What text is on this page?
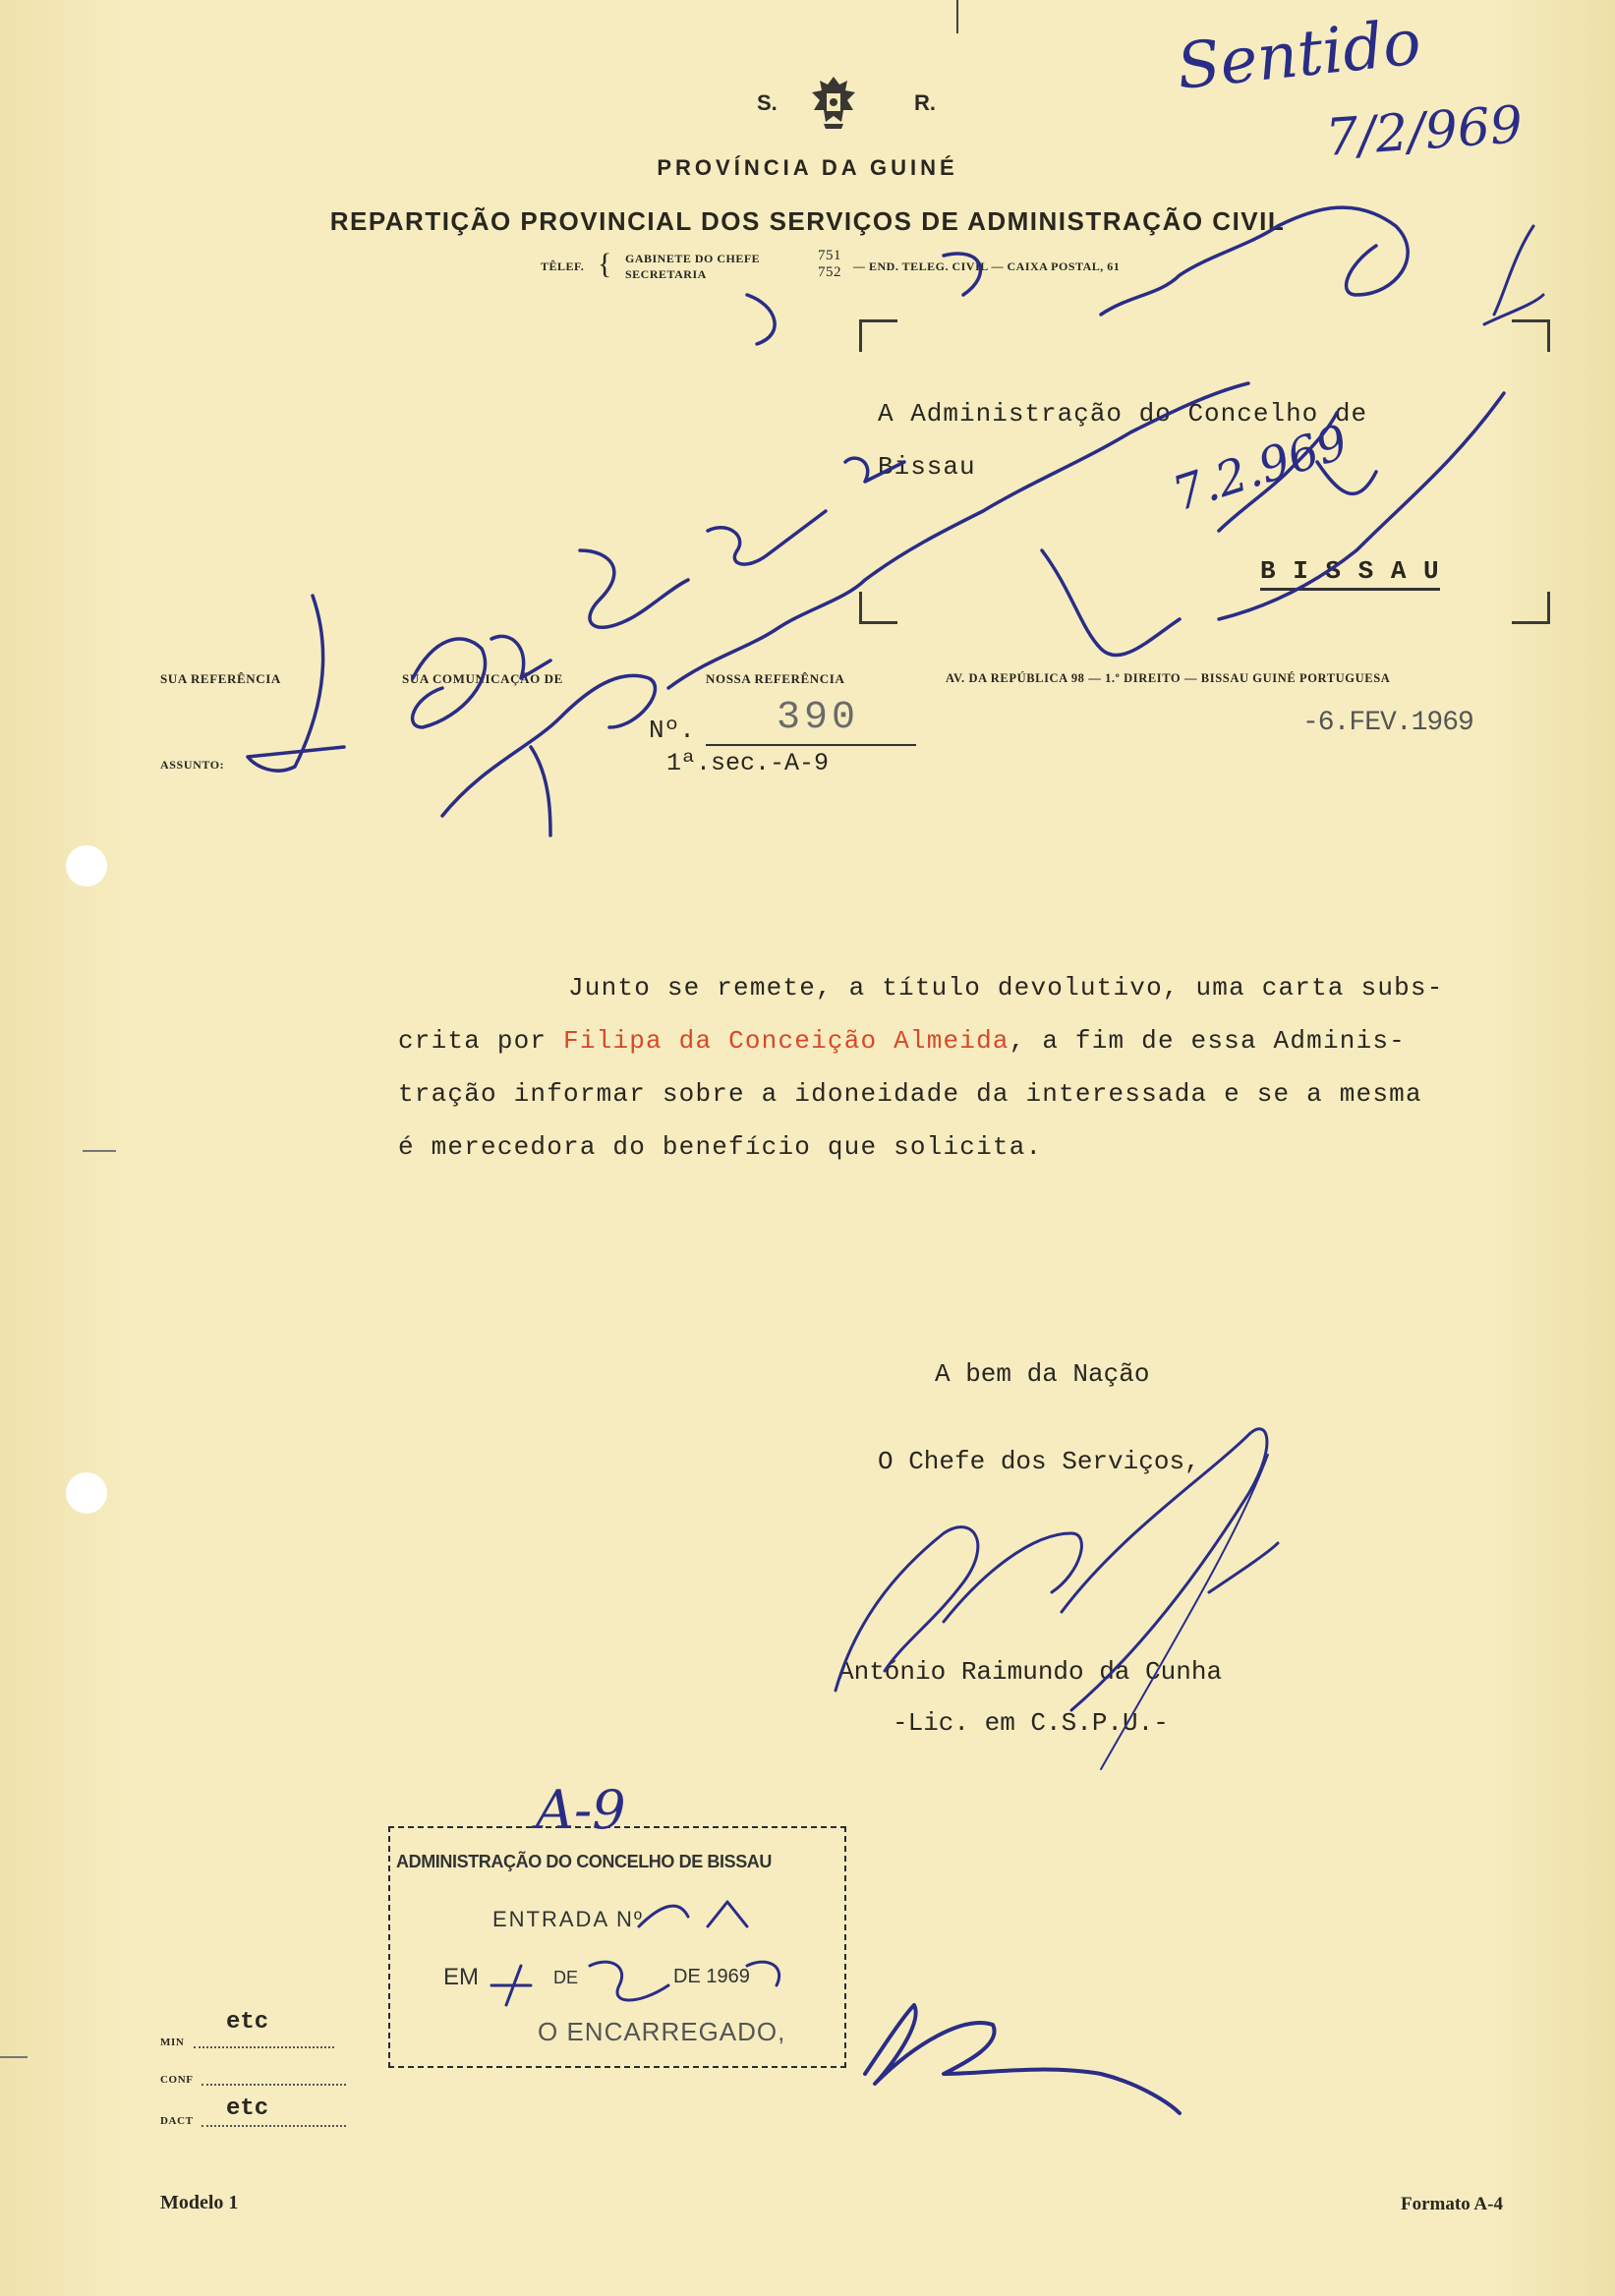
S.	R.
PROVÍNCIA DA GUINÉ
REPARTIÇÃO PROVINCIAL DOS SERVIÇOS DE ADMINISTRAÇÃO CIVIL
TÊLEF. { GABINETE DO CHEFE	751
SECRETARIA	752 — END. TELEG. CIVIL — CAIXA POSTAL, 61
A Administração do Concelho de
Bissau
B I S S A U
SUA REFERÊNCIA	SUA COMUNICAÇÃO DE	NOSSA REFERÊNCIA	AV. DA REPÚBLICA 98 — 1.º DIREITO — BISSAU GUINÉ PORTUGUESA
ASSUNTO:
Nº. 390
1ª.sec.-A-9
-6.FEV.1969
Junto se remete, a título devolutivo, uma carta subs-
crita por Filipa da Conceição Almeida, a fim de essa Adminis-
tração informar sobre a idoneidade da interessada e se a mesma
é merecedora do benefício que solicita.
A bem da Nação
O Chefe dos Serviços,
António Raimundo da Cunha
-Lic. em C.S.P.U.-
ADMINISTRAÇÃO DO CONCELHO DE BISSAU
ENTRADA Nº
EM	DE	DE 1969
O ENCARREGADO,
MIN
etc
CONF
DACT etc
Modelo 1	Formato A-4
Sentido
7/2/969
7.2.969
A-9
